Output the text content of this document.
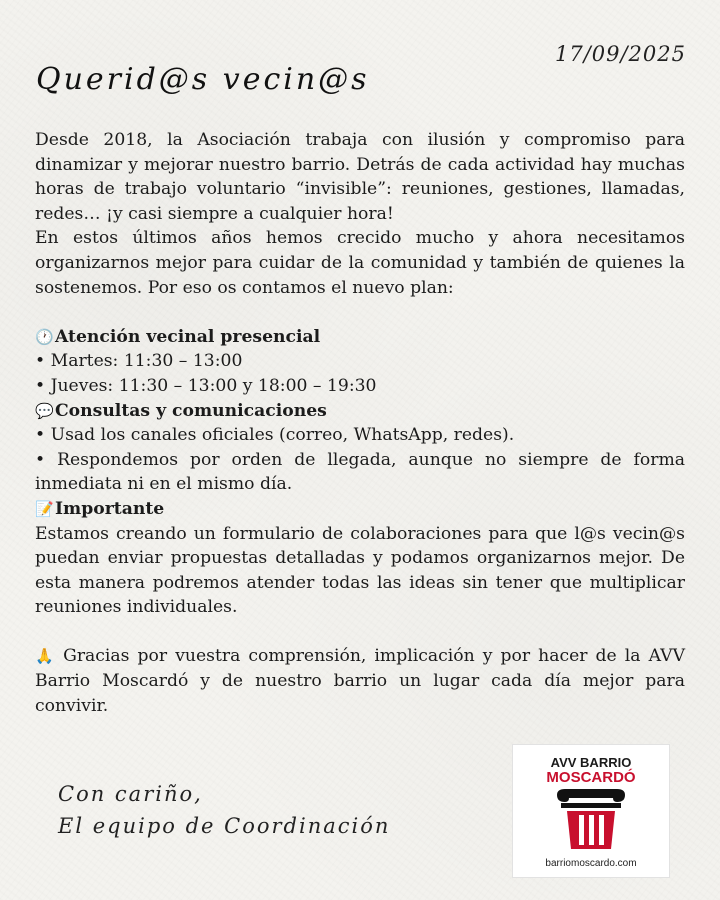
17/09/2025
Querid@s vecin@s

Desde 2018, la Asociación trabaja con ilusión y compromiso para dinamizar y mejorar nuestro barrio. Detrás de cada actividad hay muchas horas de trabajo voluntario “invisible”: reuniones, gestiones, llamadas, redes… ¡y casi siempre a cualquier hora!

En estos últimos años hemos crecido mucho y ahora necesitamos organizarnos mejor para cuidar de la comunidad y también de quienes la sostenemos. Por eso os contamos el nuevo plan:

🕐Atención vecinal presencial

• Martes: 11:30 – 13:00

• Jueves: 11:30 – 13:00 y 18:00 – 19:30

💬Consultas y comunicaciones

• Usad los canales oficiales (correo, WhatsApp, redes).

• Respondemos por orden de llegada, aunque no siempre de forma inmediata ni en el mismo día.

📝Importante

Estamos creando un formulario de colaboraciones para que l@s vecin@s puedan enviar propuestas detalladas y podamos organizarnos mejor. De esta manera podremos atender todas las ideas sin tener que multiplicar reuniones individuales.

🙏 Gracias por vuestra comprensión, implicación y por hacer de la AVV Barrio Moscardó y de nuestro barrio un lugar cada día mejor para convivir.

Con cariño,
El equipo de Coordinación
AVV BARRIO
MOSCARDÓ
barriomoscardo.com
